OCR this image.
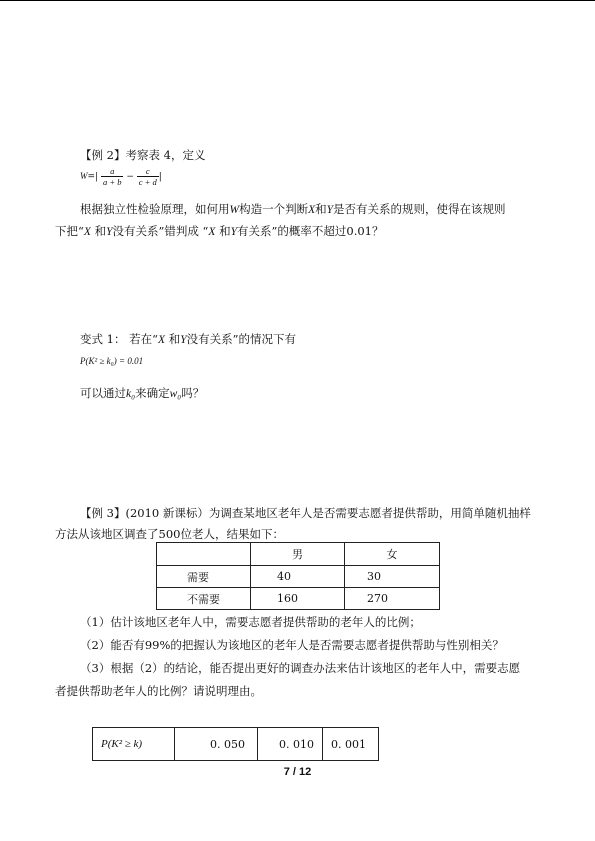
【例 2】考察表 4，定义
$W=| \frac{a}{a + b} - \frac{c}{c + d}$ |
根据独立性检验原理，如何用W构造一个判断X和Y是否有关系的规则，使得在该规则
下把“X 和Y没有关系”错判成 “X 和Y有关系”的概率不超过0.01？
变式 1： 若在“X 和Y没有关系”的情况下有
P(K² ≥ k₀) = 0.01
可以通过k₀来确定w₀吗？
【例 3】(2010 新课标）为调查某地区老年人是否需要志愿者提供帮助，用简单随机抽样
方法从该地区调查了500位老人，结果如下：
	男	女
需要	40	30
不需要	160	270
（1）估计该地区老年人中，需要志愿者提供帮助的老年人的比例；
（2）能否有99%的把握认为该地区的老年人是否需要志愿者提供帮助与性别相关？
（3）根据（2）的结论，能否提出更好的调查办法来估计该地区的老年人中，需要志愿
者提供帮助老年人的比例？请说明理由。
P(K² ≥ k)	0. 050	0. 010	0. 001
7 / 12
